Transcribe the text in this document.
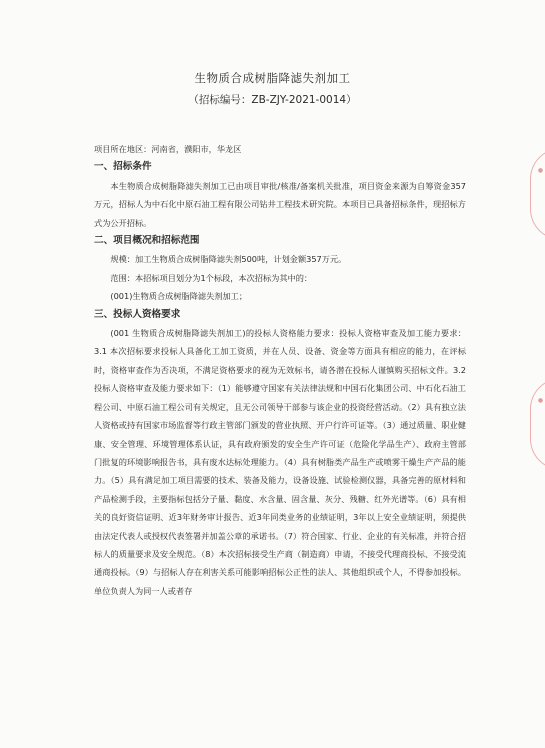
生物质合成树脂降滤失剂加工
（招标编号：ZB-ZJY-2021-0014）

项目所在地区：河南省，濮阳市，华龙区

一、招标条件

本生物质合成树脂降滤失剂加工已由项目审批/核准/备案机关批准，项目资金来源为自筹资金357万元，招标人为中石化中原石油工程有限公司钻井工程技术研究院。本项目已具备招标条件，现招标方式为公开招标。

二、项目概况和招标范围

规模：加工生物质合成树脂降滤失剂500吨，计划金额357万元。

范围：本招标项目划分为1个标段，本次招标为其中的：

(001)生物质合成树脂降滤失剂加工；

三、投标人资格要求

(001 生物质合成树脂降滤失剂加工)的投标人资格能力要求：投标人资格审查及加工能力要求：3.1 本次招标要求投标人具备化工加工资质，并在人员、设备、资金等方面具有相应的能力，在评标时，资格审查作为否决项，不满足资格要求的视为无效标书，请各潜在投标人谨慎购买招标文件。3.2 投标人资格审查及能力要求如下：（1）能够遵守国家有关法律法规和中国石化集团公司、中石化石油工程公司、中原石油工程公司有关规定，且无公司领导干部参与该企业的投资经营活动。（2）具有独立法人资格或持有国家市场监督等行政主管部门颁发的营业执照、开户行许可证等。（3）通过质量、职业健康、安全管理、环境管理体系认证，具有政府颁发的安全生产许可证（危险化学品生产）、政府主管部门批复的环境影响报告书，具有废水达标处理能力。（4）具有树脂类产品生产或喷雾干燥生产产品的能力。（5）具有满足加工项目需要的技术、装备及能力，设备设施、试验检测仪器，具备完善的原材料和产品检测手段，主要指标包括分子量、黏度、水含量、固含量、灰分、残糖、红外光谱等。（6）具有相关的良好资信证明、近3年财务审计报告、近3年同类业务的业绩证明，3年以上安全业绩证明，须提供由法定代表人或授权代表签署并加盖公章的承诺书。（7）符合国家、行业、企业的有关标准，并符合招标人的质量要求及安全规范。（8）本次招标接受生产商（制造商）申请，不接受代理商投标、不接受流通商投标。（9）与招标人存在利害关系可能影响招标公正性的法人、其他组织或个人，不得参加投标。单位负责人为同一人或者存

●
●
